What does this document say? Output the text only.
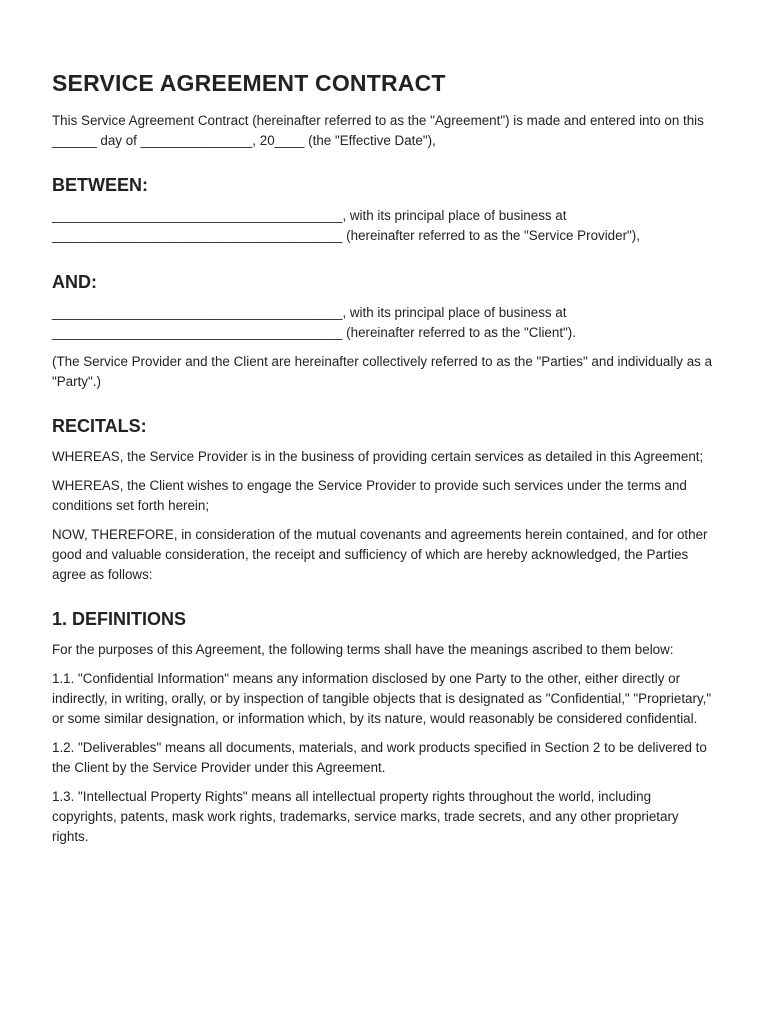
SERVICE AGREEMENT CONTRACT

This Service Agreement Contract (hereinafter referred to as the "Agreement") is made and entered into on this ______ day of _______________, 20____ (the "Effective Date"),

BETWEEN:

_______________________________________, with its principal place of business at _______________________________________ (hereinafter referred to as the "Service Provider"),

AND:

_______________________________________, with its principal place of business at _______________________________________ (hereinafter referred to as the "Client").

(The Service Provider and the Client are hereinafter collectively referred to as the "Parties" and individually as a "Party".)

RECITALS:

WHEREAS, the Service Provider is in the business of providing certain services as detailed in this Agreement;

WHEREAS, the Client wishes to engage the Service Provider to provide such services under the terms and conditions set forth herein;

NOW, THEREFORE, in consideration of the mutual covenants and agreements herein contained, and for other good and valuable consideration, the receipt and sufficiency of which are hereby acknowledged, the Parties agree as follows:

1. DEFINITIONS

For the purposes of this Agreement, the following terms shall have the meanings ascribed to them below:

1.1. "Confidential Information" means any information disclosed by one Party to the other, either directly or indirectly, in writing, orally, or by inspection of tangible objects that is designated as "Confidential," "Proprietary," or some similar designation, or information which, by its nature, would reasonably be considered confidential.

1.2. "Deliverables" means all documents, materials, and work products specified in Section 2 to be delivered to the Client by the Service Provider under this Agreement.

1.3. "Intellectual Property Rights" means all intellectual property rights throughout the world, including copyrights, patents, mask work rights, trademarks, service marks, trade secrets, and any other proprietary rights.
